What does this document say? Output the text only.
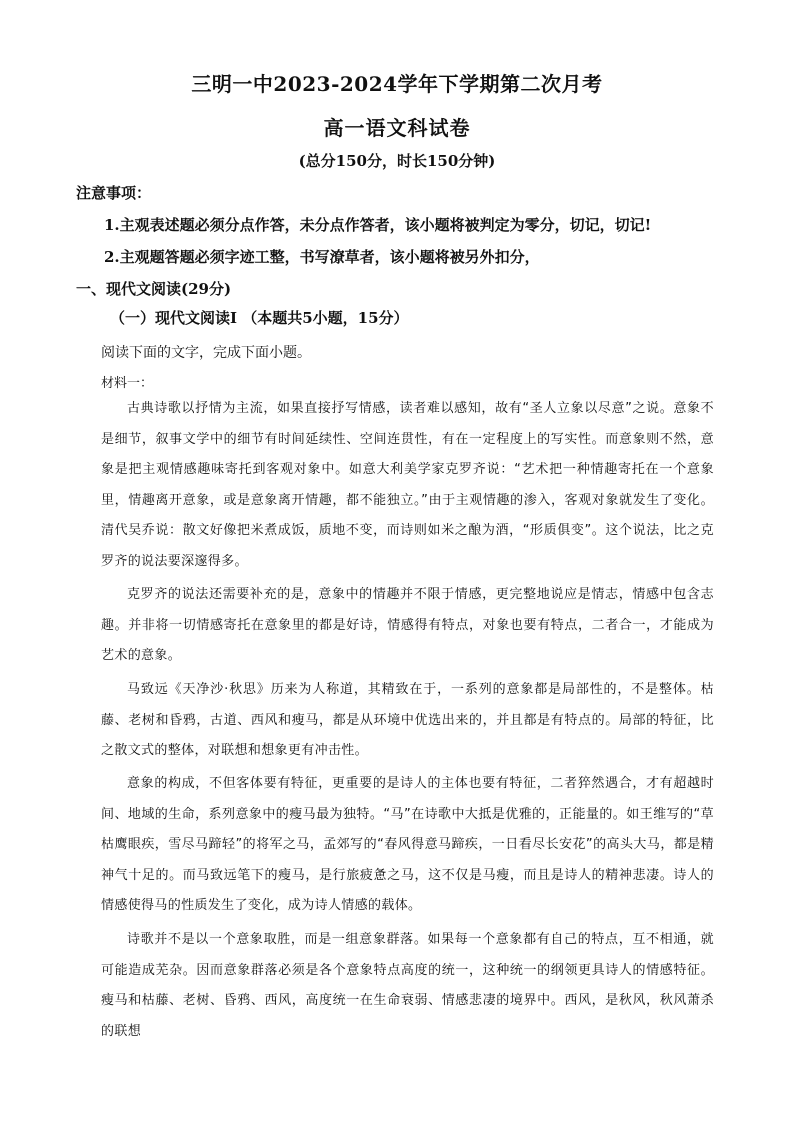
三明一中2023-2024学年下学期第二次月考
高一语文科试卷
(总分150分，时长150分钟)
注意事项：
1.主观表述题必须分点作答，未分点作答者，该小题将被判定为零分，切记，切记!
2.主观题答题必须字迹工整，书写潦草者，该小题将被另外扣分，
一、现代文阅读(29分)
（一）现代文阅读Ⅰ （本题共5小题，15分）
阅读下面的文字，完成下面小题。
材料一：
古典诗歌以抒情为主流，如果直接抒写情感，读者难以感知，故有“圣人立象以尽意”之说。意象不是细节，叙事文学中的细节有时间延续性、空间连贯性，有在一定程度上的写实性。而意象则不然，意象是把主观情感趣味寄托到客观对象中。如意大利美学家克罗齐说：“艺术把一种情趣寄托在一个意象里，情趣离开意象，或是意象离开情趣，都不能独立。”由于主观情趣的渗入，客观对象就发生了变化。清代吴乔说：散文好像把米煮成饭，质地不变，而诗则如米之酿为酒，“形质俱变”。这个说法，比之克罗齐的说法要深邃得多。
克罗齐的说法还需要补充的是，意象中的情趣并不限于情感，更完整地说应是情志，情感中包含志趣。并非将一切情感寄托在意象里的都是好诗，情感得有特点，对象也要有特点，二者合一，才能成为艺术的意象。
马致远《天净沙·秋思》历来为人称道，其精致在于，一系列的意象都是局部性的，不是整体。枯藤、老树和昏鸦，古道、西风和瘦马，都是从环境中优选出来的，并且都是有特点的。局部的特征，比之散文式的整体，对联想和想象更有冲击性。
意象的构成，不但客体要有特征，更重要的是诗人的主体也要有特征，二者猝然遇合，才有超越时间、地域的生命，系列意象中的瘦马最为独特。“马”在诗歌中大抵是优雅的，正能量的。如王维写的“草枯鹰眼疾，雪尽马蹄轻”的将军之马，孟郊写的“春风得意马蹄疾，一日看尽长安花”的高头大马，都是精神气十足的。而马致远笔下的瘦马，是行旅疲惫之马，这不仅是马瘦，而且是诗人的精神悲凄。诗人的情感使得马的性质发生了变化，成为诗人情感的载体。
诗歌并不是以一个意象取胜，而是一组意象群落。如果每一个意象都有自己的特点，互不相通，就可能造成芜杂。因而意象群落必须是各个意象特点高度的统一，这种统一的纲领更具诗人的情感特征。瘦马和枯藤、老树、昏鸦、西风，高度统一在生命衰弱、情感悲凄的境界中。西风，是秋风，秋风萧杀的联想
